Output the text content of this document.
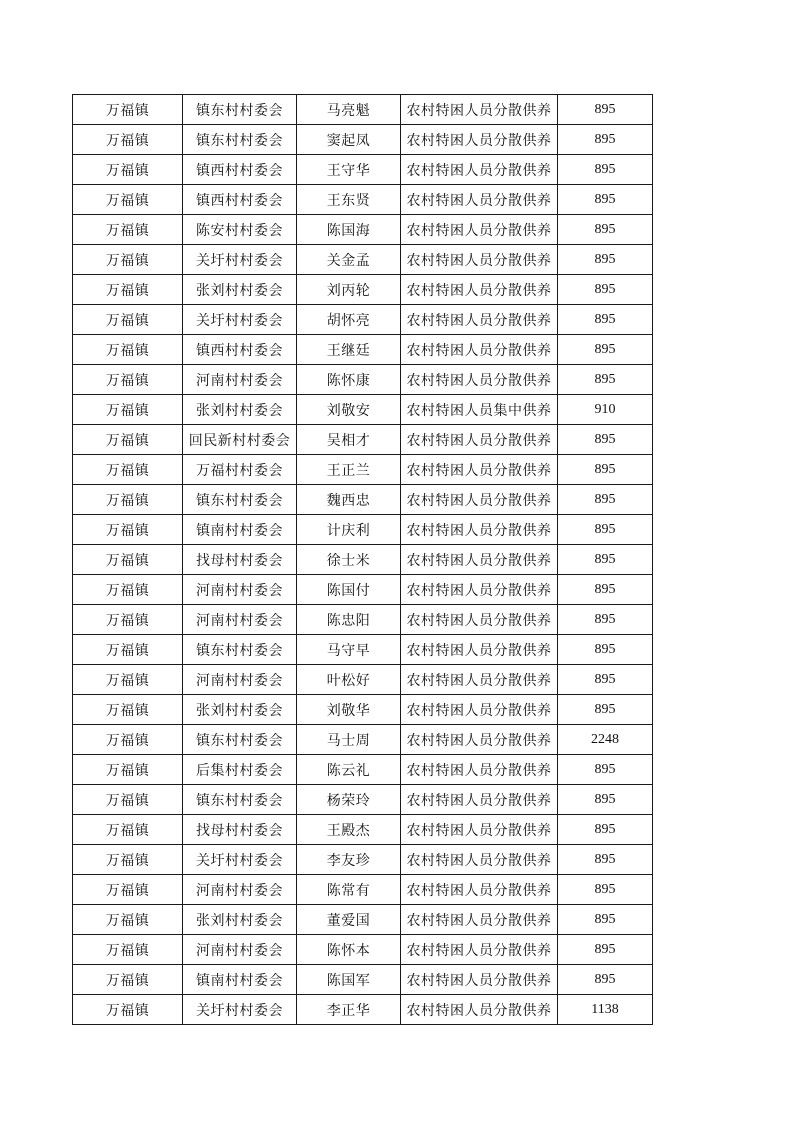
万福镇	镇东村村委会	马亮魁	农村特困人员分散供养	895
万福镇	镇东村村委会	窦起凤	农村特困人员分散供养	895
万福镇	镇西村村委会	王守华	农村特困人员分散供养	895
万福镇	镇西村村委会	王东贤	农村特困人员分散供养	895
万福镇	陈安村村委会	陈国海	农村特困人员分散供养	895
万福镇	关圩村村委会	关金孟	农村特困人员分散供养	895
万福镇	张刘村村委会	刘丙轮	农村特困人员分散供养	895
万福镇	关圩村村委会	胡怀亮	农村特困人员分散供养	895
万福镇	镇西村村委会	王继廷	农村特困人员分散供养	895
万福镇	河南村村委会	陈怀康	农村特困人员分散供养	895
万福镇	张刘村村委会	刘敬安	农村特困人员集中供养	910
万福镇	回民新村村委会	吴相才	农村特困人员分散供养	895
万福镇	万福村村委会	王正兰	农村特困人员分散供养	895
万福镇	镇东村村委会	魏西忠	农村特困人员分散供养	895
万福镇	镇南村村委会	计庆利	农村特困人员分散供养	895
万福镇	找母村村委会	徐士米	农村特困人员分散供养	895
万福镇	河南村村委会	陈国付	农村特困人员分散供养	895
万福镇	河南村村委会	陈忠阳	农村特困人员分散供养	895
万福镇	镇东村村委会	马守早	农村特困人员分散供养	895
万福镇	河南村村委会	叶松好	农村特困人员分散供养	895
万福镇	张刘村村委会	刘敬华	农村特困人员分散供养	895
万福镇	镇东村村委会	马士周	农村特困人员分散供养	2248
万福镇	后集村村委会	陈云礼	农村特困人员分散供养	895
万福镇	镇东村村委会	杨荣玲	农村特困人员分散供养	895
万福镇	找母村村委会	王殿杰	农村特困人员分散供养	895
万福镇	关圩村村委会	李友珍	农村特困人员分散供养	895
万福镇	河南村村委会	陈常有	农村特困人员分散供养	895
万福镇	张刘村村委会	董爱国	农村特困人员分散供养	895
万福镇	河南村村委会	陈怀本	农村特困人员分散供养	895
万福镇	镇南村村委会	陈国军	农村特困人员分散供养	895
万福镇	关圩村村委会	李正华	农村特困人员分散供养	1138
